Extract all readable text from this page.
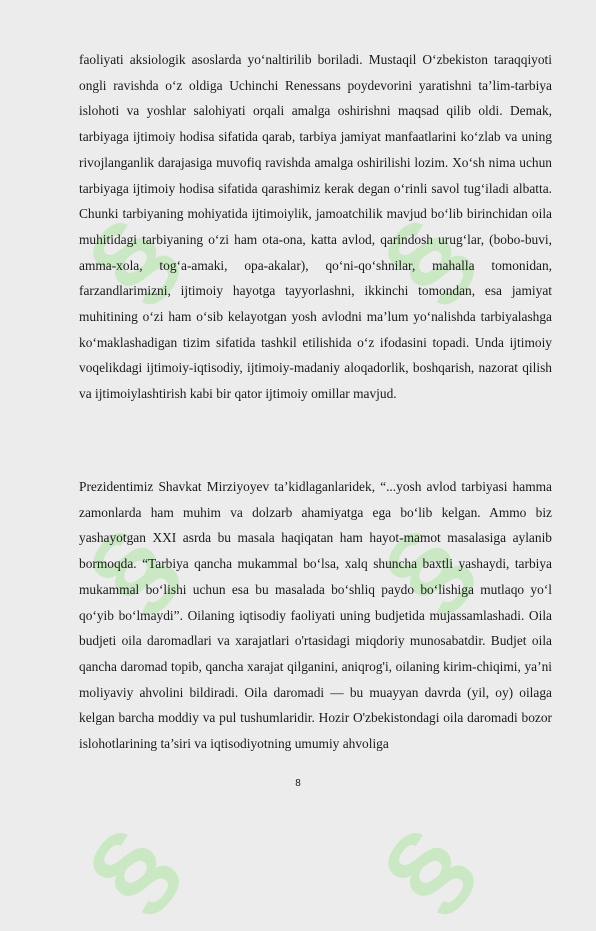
§ §
§ §
§ §

faoliyati aksiologik asoslarda yo‘naltirilib boriladi. Mustaqil O‘zbekiston taraqqiyoti ongli ravishda o‘z oldiga Uchinchi Renessans poydevorini yaratishni ta’lim-tarbiya islohoti va yoshlar salohiyati orqali amalga oshirishni maqsad qilib oldi. Demak, tarbiyaga ijtimoiy hodisa sifatida qarab, tarbiya jamiyat manfaatlarini ko‘zlab va uning rivojlanganlik darajasiga muvofiq ravishda amalga oshirilishi lozim. Xo‘sh nima uchun tarbiyaga ijtimoiy hodisa sifatida qarashimiz kerak degan o‘rinli savol tug‘iladi albatta. Chunki tarbiyaning mohiyatida ijtimoiylik, jamoatchilik mavjud bo‘lib birinchidan oila muhitidagi tarbiyaning o‘zi ham ota-ona, katta avlod, qarindosh urug‘lar, (bobo-buvi, amma-xola, tog‘a-amaki, opa-akalar), qo‘ni-qo‘shnilar, mahalla tomonidan, farzandlarimizni, ijtimoiy hayotga tayyorlashni, ikkinchi tomondan, esa jamiyat muhitining o‘zi ham o‘sib kelayotgan yosh avlodni ma’lum yo‘nalishda tarbiyalashga ko‘maklashadigan tizim sifatida tashkil etilishida o‘z ifodasini topadi. Unda ijtimoiy voqelikdagi ijtimoiy-iqtisodiy, ijtimoiy-madaniy aloqadorlik, boshqarish, nazorat qilish va ijtimoiylashtirish kabi bir qator ijtimoiy omillar mavjud.

Prezidentimiz Shavkat Mirziyoyev ta’kidlaganlaridek, “...yosh avlod tarbiyasi hamma zamonlarda ham muhim va dolzarb ahamiyatga ega bo‘lib kelgan. Ammo biz yashayotgan XXI asrda bu masala haqiqatan ham hayot-mamot masalasiga aylanib bormoqda. “Tarbiya qancha mukammal bo‘lsa, xalq shuncha baxtli yashaydi, tarbiya mukammal bo‘lishi uchun esa bu masalada bo‘shliq paydo bo‘lishiga mutlaqo yo‘l qo‘yib bo‘lmaydi”. Oilaning iqtisodiy faoliyati uning budjetida mujassamlashadi. Oila budjeti oila daromadlari va xarajatlari o'rtasidagi miqdoriy munosabatdir. Budjet oila qancha daromad topib, qancha xarajat qilganini, aniqrog'i, oilaning kirim-chiqimi, ya’ni moliyaviy ahvolini bildiradi. Oila daromadi — bu muayyan davrda (yil, oy) oilaga kelgan barcha moddiy va pul tushumlaridir. Hozir O'zbekistondagi oila daromadi bozor islohotlarining ta’siri va iqtisodiyotning umumiy ahvoliga

8
